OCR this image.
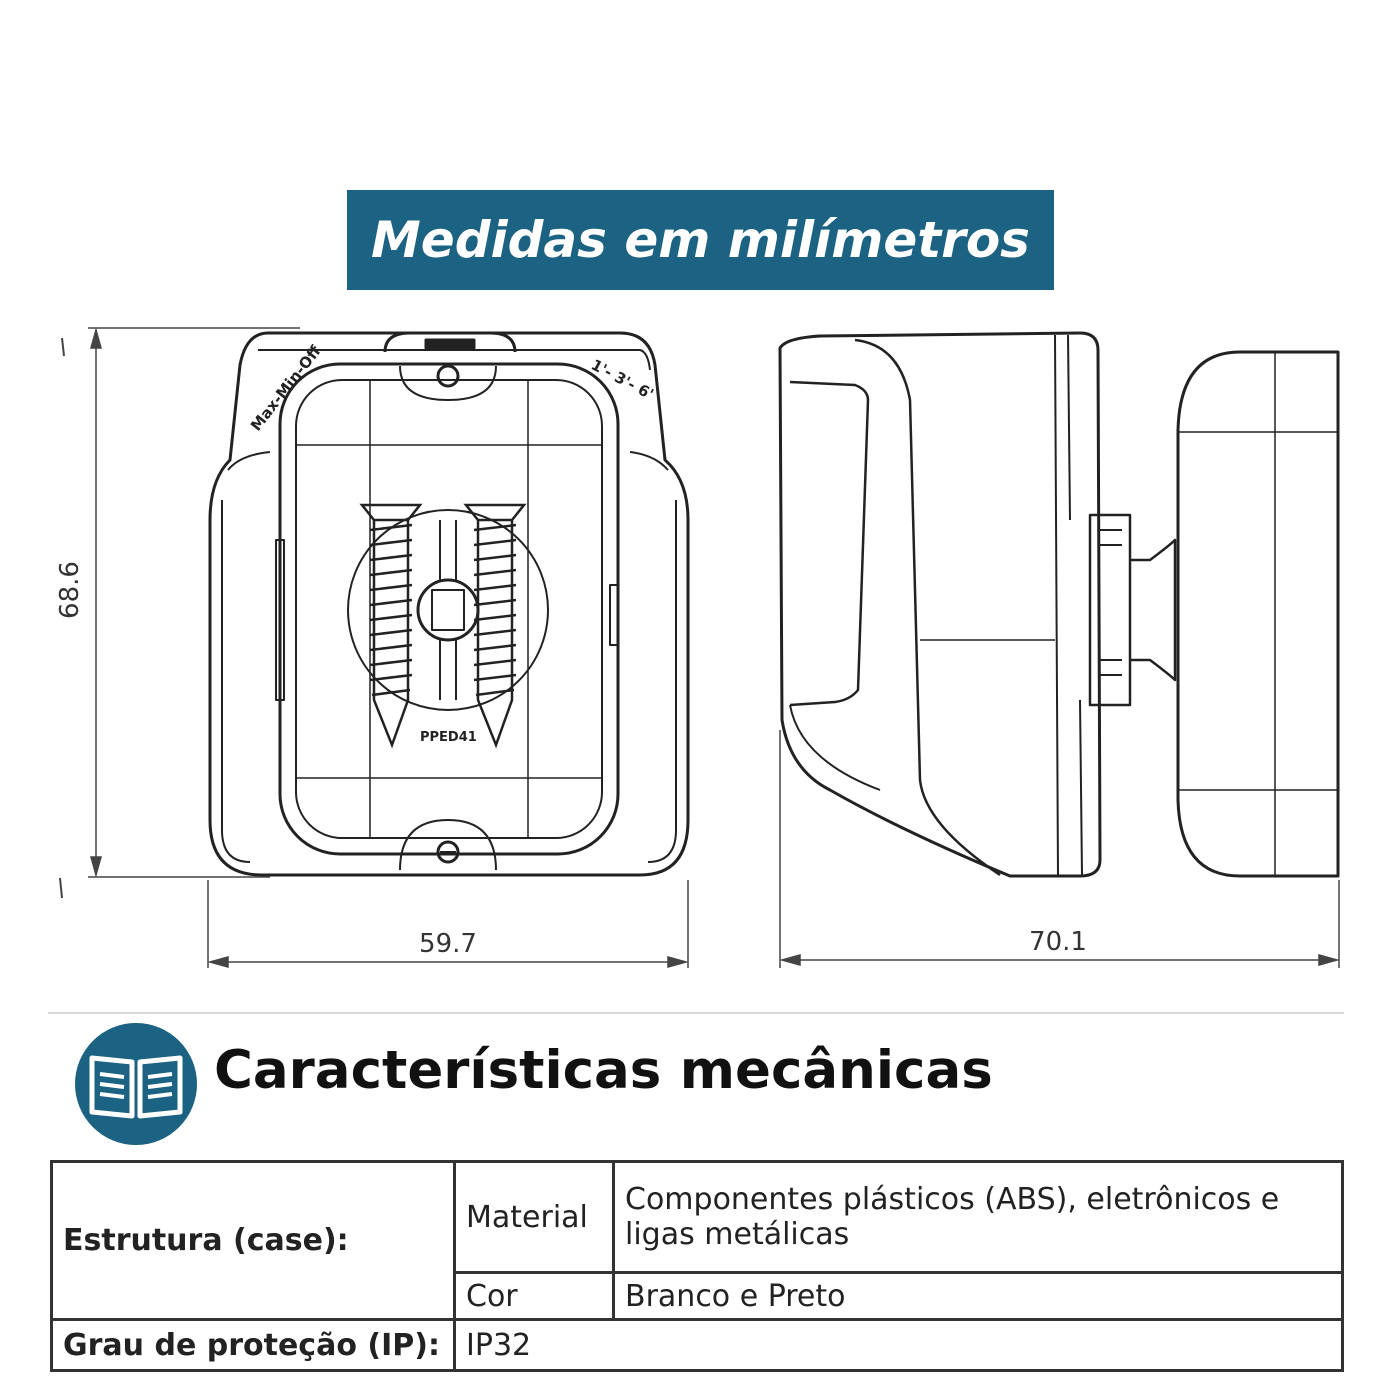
Medidas em milímetros
Max-Min-Off	1'- 3'- 6'
PPED41
68.6
59.7	70.1
Características mecânicas
Estrutura (case):	Material	Componentes plásticos (ABS), eletrônicos e
ligas metálicas

	Cor	Branco e Preto
Grau de proteção (IP):	IP32	
